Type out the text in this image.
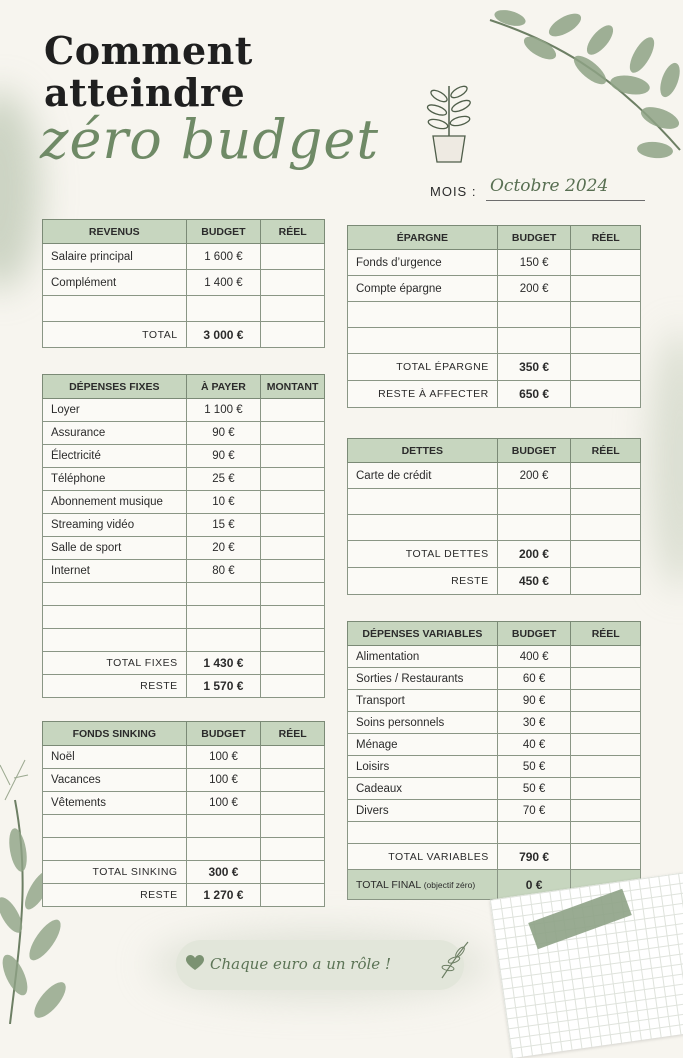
Comment
atteindre
zéro budget
MOIS : Octobre 2024
REVENUS	BUDGET	RÉEL
Salaire principal	1 600 €	
Complément	1 400 €	

TOTAL	3 000 €	
DÉPENSES FIXES	À PAYER	MONTANT
Loyer	1 100 €	
Assurance	90 €	
Électricité	90 €	
Téléphone	25 €	
Abonnement musique	10 €	
Streaming vidéo	15 €	
Salle de sport	20 €	
Internet	80 €	

TOTAL FIXES	1 430 €	
RESTE	1 570 €	
FONDS SINKING	BUDGET	RÉEL
Noël	100 €	
Vacances	100 €	
Vêtements	100 €	

TOTAL SINKING	300 €	
RESTE	1 270 €	
ÉPARGNE	BUDGET	RÉEL
Fonds d’urgence	150 €	
Compte épargne	200 €	

TOTAL ÉPARGNE	350 €	
RESTE À AFFECTER	650 €	
DETTES	BUDGET	RÉEL
Carte de crédit	200 €	

TOTAL DETTES	200 €	
RESTE	450 €	
DÉPENSES VARIABLES	BUDGET	RÉEL
Alimentation	400 €	
Sorties / Restaurants	60 €	
Transport	90 €	
Soins personnels	30 €	
Ménage	40 €	
Loisirs	50 €	
Cadeaux	50 €	
Divers	70 €	

TOTAL VARIABLES	790 €	
TOTAL FINAL (objectif zéro)	0 €	
Chaque euro a un rôle !
